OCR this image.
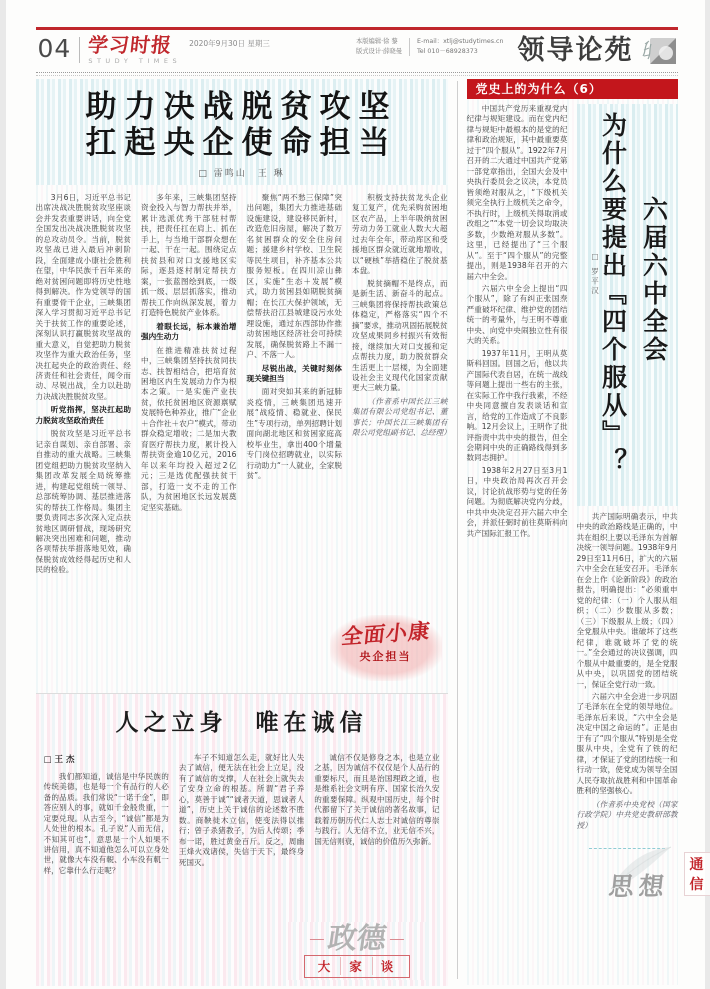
04 学习时报
STUDY TIMES
2020年9月30日 星期三	本版编辑·徐 黎
版式设计·薛晓曼
E-mail：xtlj@studytimes.cn
Tel 010－68928373	领导论苑
助力决战脱贫攻坚
扛起央企使命担当
□ 雷鸣山　王 琳

3月6日，习近平总书记出席决战决胜脱贫攻坚座谈会并发表重要讲话，向全党全国发出决战决胜脱贫攻坚的总攻动员令。当前，脱贫攻坚战已进入最后冲刺阶段，全面建成小康社会胜利在望，中华民族千百年来的绝对贫困问题即将历史性地得到解决。作为党领导的国有重要骨干企业，三峡集团深入学习贯彻习近平总书记关于扶贫工作的重要论述，深刻认识打赢脱贫攻坚战的重大意义，自觉把助力脱贫攻坚作为重大政治任务，坚决扛起央企的政治责任、经济责任和社会责任，闻令而动、尽锐出战，全力以赴助力决战决胜脱贫攻坚。

听党指挥，坚决扛起助力脱贫攻坚政治责任

脱贫攻坚是习近平总书记亲自谋划、亲自部署、亲自推动的重大战略。三峡集团党组把助力脱贫攻坚纳入集团改革发展全局统筹推进，构建起党组统一领导、总部统筹协调、基层推进落实的帮扶工作格局。集团主要负责同志多次深入定点扶贫地区调研督战，现场研究解决突出困难和问题，推动各项帮扶举措落地见效，确保脱贫成效经得起历史和人民的检验。

多年来，三峡集团坚持资金投入与智力帮扶并举，累计选派优秀干部驻村帮扶，把责任扛在肩上、抓在手上，与当地干部群众想在一起、干在一起。围绕定点扶贫县和对口支援地区实际，逐县逐村制定帮扶方案，一张蓝图绘到底，一级抓一级、层层抓落实，推动帮扶工作向纵深发展，着力打造特色脱贫产业体系。

着眼长远，标本兼治增强内生动力

在推进精准扶贫过程中，三峡集团坚持扶贫同扶志、扶智相结合，把培育贫困地区内生发展动力作为根本之策。一是实施产业扶贫，依托贫困地区资源禀赋发展特色种养业，推广“企业＋合作社＋农户”模式，带动群众稳定增收；二是加大教育医疗帮扶力度，累计投入帮扶资金逾10亿元，2016年以来年均投入超过2亿元；三是选优配强扶贫干部，打造一支不走的工作队，为贫困地区长远发展奠定坚实基础。

聚焦“两不愁三保障”突出问题，集团大力推进基础设施建设，建设移民新村，改造危旧房屋，解决了数万名贫困群众的安全住房问题；援建乡村学校、卫生院等民生项目，补齐基本公共服务短板。在四川凉山彝区，实施“生态＋发展”模式，助力贫困县如期脱贫摘帽；在长江大保护领域，无偿帮扶沿江县城建设污水处理设施，通过东西部协作推动贫困地区经济社会可持续发展，确保脱贫路上不漏一户、不落一人。

尽锐出战，关键时刻体现关键担当

面对突如其来的新冠肺炎疫情，三峡集团迅速开展“战疫情、稳就业、保民生”专项行动，单列招聘计划面向湖北地区和贫困家庭高校毕业生，拿出400个增量专门岗位招聘就业，以实际行动助力“一人就业，全家脱贫”。

积极支持扶贫龙头企业复工复产，优先采购贫困地区农产品，上半年吸纳贫困劳动力务工就业人数大大超过去年全年，带动库区和受援地区群众就近就地增收，以“硬核”举措稳住了脱贫基本盘。

脱贫摘帽不是终点，而是新生活、新奋斗的起点。三峡集团将保持帮扶政策总体稳定，严格落实“四个不摘”要求，推动巩固拓展脱贫攻坚成果同乡村振兴有效衔接，继续加大对口支援和定点帮扶力度，助力脱贫群众生活更上一层楼，为全面建设社会主义现代化国家贡献更大三峡力量。

（作者系中国长江三峡集团有限公司党组书记、董事长；中国长江三峡集团有限公司党组副书记、总经理）

全面小康
央企担当
人之立身　唯在诚信

□ 王 杰

我们都知道，诚信是中华民族的传统美德，也是每一个有品行的人必备的品质。我们常说“一诺千金”，即答应别人的事，就如千金般贵重，一定要兑现。从古至今，“诚信”都是为人处世的根本。孔子说“人而无信，不知其可也”，意思是一个人如果不讲信用，真不知道他怎么可以立身处世，就像大车没有輗、小车没有軏一样，它靠什么行走呢？

车子不知道怎么走，就好比人失去了诚信，便无法在社会上立足，没有了诚信的支撑，人在社会上就失去了安身立命的根基。所谓“君子养心，莫善于诚”“诚者天道，思诚者人道”，历史上关于诚信的论述数不胜数。商鞅徙木立信，使变法得以推行；曾子杀猪教子，为后人传颂；季布一诺，胜过黄金百斤。反之，周幽王烽火戏诸侯，失信于天下，最终身死国灭。

诚信不仅是修身之本，也是立业之基，因为诚信不仅仅是个人品行的重要标尺，而且是治国理政之道，也是维系社会文明有序、国家长治久安的重要保障。纵观中国历史，每个时代都留下了关于诚信的著名故事，记载着历朝历代仁人志士对诚信的尊崇与践行。人无信不立，业无信不兴，国无信则衰，诚信的价值历久弥新。

政德
大	家	谈
党史上的为什么（6）

中国共产党历来重视党内纪律与规矩建设。而在党内纪律与规矩中最根本的是党的纪律和政治规矩，其中最重要莫过于“四个服从”。1922年7月召开的二大通过中国共产党第一部党章指出，全国大会及中央执行委员会之议决，本党员皆须绝对服从之，“下级机关须完全执行上级机关之命令，不执行时，上级机关得取消或改组之”“本党一切会议均取决多数，少数绝对服从多数”。这里，已经提出了“三个服从”。至于“四个服从”的完整提出，则是1938年召开的六届六中全会。

六届六中全会上提出“四个服从”，除了有纠正张国焘严重破坏纪律、维护党的团结统一的考量外，与王明不尊重中央、向党中央闹独立性有很大的关系。

1937年11月，王明从莫斯科回国。回国之后，他以共产国际代表自居，在统一战线等问题上提出一些右的主张，在实际工作中我行我素，不经中央同意擅自发表谈话和宣言，给党的工作造成了不良影响。12月会议上，王明作了批评指责中共中央的报告，但全会期间中央的正确路线得到多数同志拥护。

1938年2月27日至3月1日，中央政治局再次召开会议，讨论抗战形势与党的任务问题。为彻底解决党内分歧，中共中央决定召开六届六中全会，并派任弼时前往莫斯科向共产国际汇报工作。

六届六中全会
为什么要提出『四个服从』？
□ 罗平汉

共产国际明确表示，中共中央的政治路线是正确的，中共在组织上要以毛泽东为首解决统一领导问题。1938年9月29日至11月6日，扩大的六届六中全会在延安召开。毛泽东在会上作《论新阶段》的政治报告，明确提出：“必须重申党的纪律：（一）个人服从组织；（二）少数服从多数；（三）下级服从上级；（四）全党服从中央。谁破坏了这些纪律，谁就破坏了党的统一。”全会通过的决议强调，四个服从中最重要的，是全党服从中央，以巩固党的团结统一，保证全党行动一致。

六届六中全会进一步巩固了毛泽东在全党的领导地位。毛泽东后来说，“六中全会是决定中国之命运的”。正是由于有了“四个服从”特别是全党服从中央，全党有了铁的纪律，才保证了党的团结统一和行动一致，使党成为领导全国人民夺取抗战胜利和中国革命胜利的坚强核心。

（作者系中央党校（国家行政学院）中共党史教研部教授）

思想
通信
